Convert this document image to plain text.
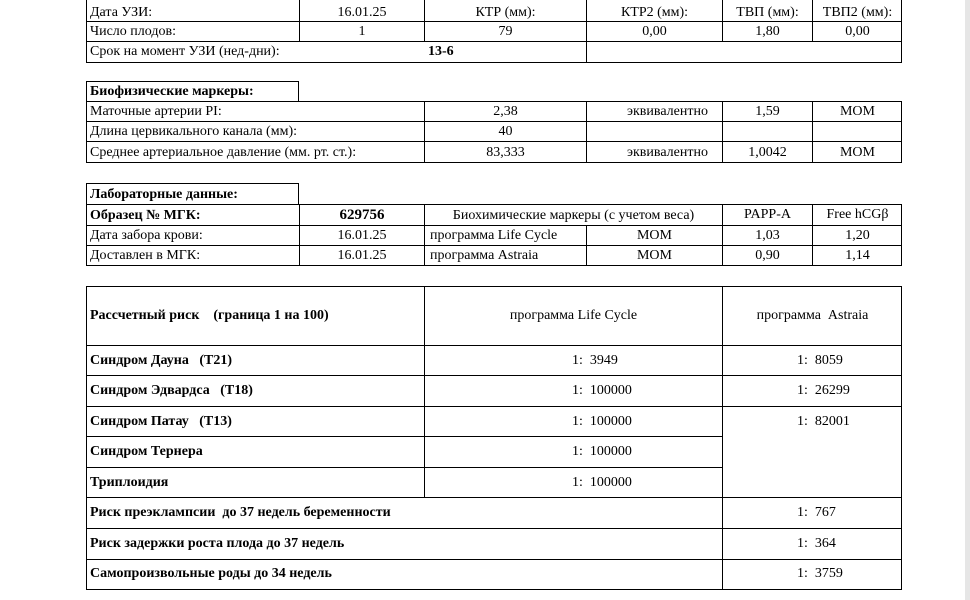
Дата УЗИ:	16.01.25	КТР (мм):	КТР2 (мм):	ТВП (мм):	ТВП2 (мм):
Число плодов:	1	79	0,00	1,80	0,00
Срок на момент УЗИ (нед-дни):	13-6
Биофизические маркеры:
Маточные артерии PI:	2,38	эквивалентно	1,59	MOM
Длина цервикального канала (мм):	40
Среднее артериальное давление (мм. рт. ст.):	83,333	эквивалентно	1,0042	MOM
Лабораторные данные:
Образец № МГК:	629756	Биохимические маркеры (с учетом веса)	PAPP-A	Free hCGβ
Дата забора крови:	16.01.25	программа Life Cycle	MOM	1,03	1,20
Доставлен в МГК:	16.01.25	программа Astraia	MOM	0,90	1,14
Рассчетный риск    (граница 1 на 100)	программа Life Cycle	программа  Astraia
Синдром Дауна   (Т21)	1:  3949	1:  8059
Синдром Эдвардса   (Т18)	1:  100000	1:  26299
Синдром Патау   (Т13)	1:  100000	1:  82001
Синдром Тернера	1:  100000
Триплоидия	1:  100000
Риск преэклампсии  до 37 недель беременности	1:  767
Риск задержки роста плода до 37 недель	1:  364
Самопроизвольные роды до 34 недель	1:  3759
